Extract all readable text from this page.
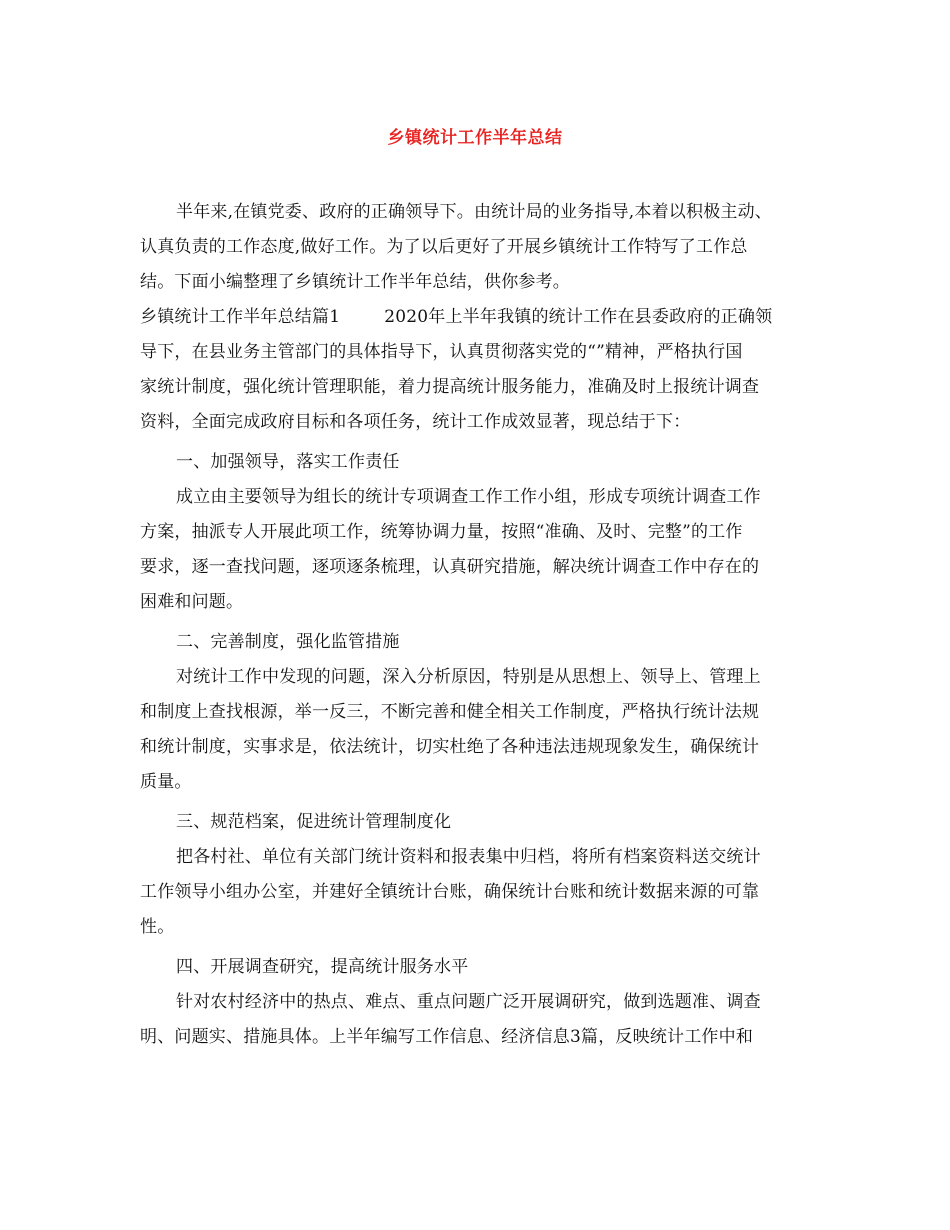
乡镇统计工作半年总结

半年来,在镇党委、政府的正确领导下。由统计局的业务指导,本着以积极主动、

认真负责的工作态度,做好工作。为了以后更好了开展乡镇统计工作特写了工作总

结。下面小编整理了乡镇统计工作半年总结，供你参考。

乡镇统计工作半年总结篇1	2020年上半年我镇的统计工作在县委政府的正确领

导下，在县业务主管部门的具体指导下，认真贯彻落实党的“”精神，严格执行国

家统计制度，强化统计管理职能，着力提高统计服务能力，准确及时上报统计调查

资料，全面完成政府目标和各项任务，统计工作成效显著，现总结于下：

一、加强领导，落实工作责任

成立由主要领导为组长的统计专项调查工作工作小组，形成专项统计调查工作

方案，抽派专人开展此项工作，统筹协调力量，按照“准确、及时、完整”的工作

要求，逐一查找问题，逐项逐条梳理，认真研究措施，解决统计调查工作中存在的

困难和问题。

二、完善制度，强化监管措施

对统计工作中发现的问题，深入分析原因，特别是从思想上、领导上、管理上

和制度上查找根源，举一反三，不断完善和健全相关工作制度，严格执行统计法规

和统计制度，实事求是，依法统计，切实杜绝了各种违法违规现象发生，确保统计

质量。

三、规范档案，促进统计管理制度化

把各村社、单位有关部门统计资料和报表集中归档，将所有档案资料送交统计

工作领导小组办公室，并建好全镇统计台账，确保统计台账和统计数据来源的可靠

性。

四、开展调查研究，提高统计服务水平

针对农村经济中的热点、难点、重点问题广泛开展调研究，做到选题准、调查

明、问题实、措施具体。上半年编写工作信息、经济信息3篇，反映统计工作中和
